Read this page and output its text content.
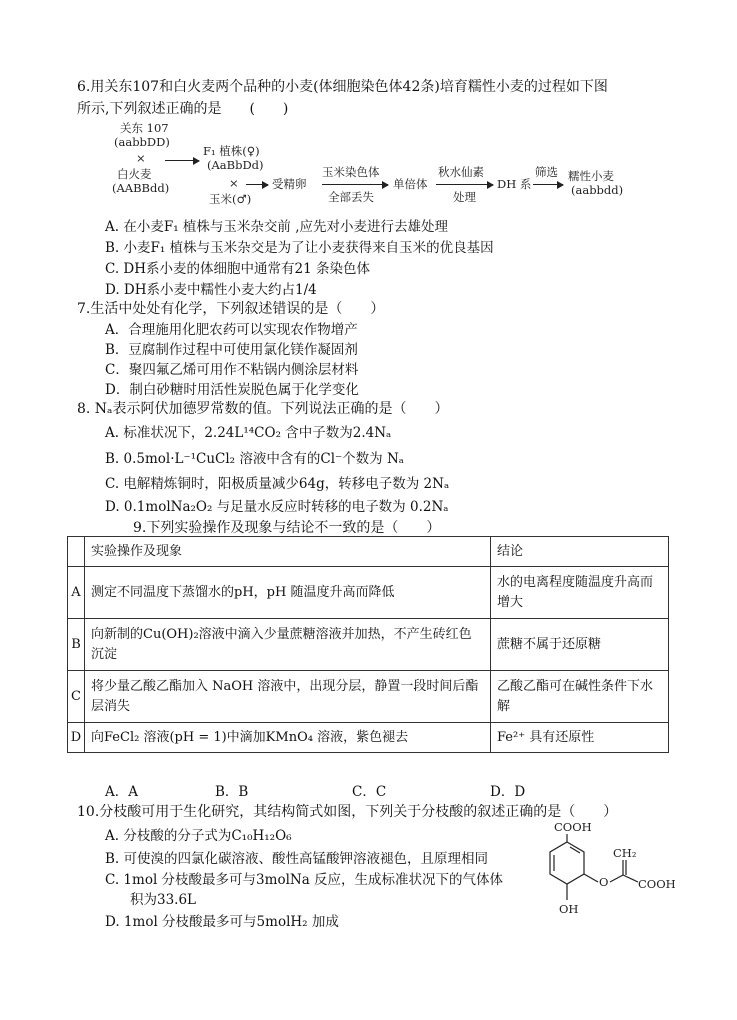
6.用关东107和白火麦两个品种的小麦(体细胞染色体42条)培育糯性小麦的过程如下图
所示,下列叙述正确的是　　(　　)
关东 107
(aabbDD)
×
白火麦
(AABBdd)
F₁ 植株(♀)
(AaBbDd)
×
玉米(♂)
受精卵
玉米染色体
全部丢失
单倍体
秋水仙素
处理
DH 系
筛选 糯性小麦
(aabbdd)
A. 在小麦F₁ 植株与玉米杂交前 ,应先对小麦进行去雄处理
B. 小麦F₁ 植株与玉米杂交是为了让小麦获得来自玉米的优良基因
C. DH系小麦的体细胞中通常有21 条染色体
D. DH系小麦中糯性小麦大约占1/4
7.生活中处处有化学，下列叙述错误的是（　　）
A．合理施用化肥农药可以实现农作物增产
B．豆腐制作过程中可使用氯化镁作凝固剂
C．聚四氟乙烯可用作不粘锅内侧涂层材料
D．制白砂糖时用活性炭脱色属于化学变化
8. Nₐ表示阿伏加德罗常数的值。下列说法正确的是（　　）
A. 标准状况下，2.24L¹⁴CO₂ 含中子数为2.4Nₐ
B. 0.5mol·L⁻¹CuCl₂ 溶液中含有的Cl⁻个数为 Nₐ
C. 电解精炼铜时，阳极质量减少64g，转移电子数为 2Nₐ
D. 0.1molNa₂O₂ 与足量水反应时转移的电子数为 0.2Nₐ
9.下列实验操作及现象与结论不一致的是（　　）
	实验操作及现象	结论
A	测定不同温度下蒸馏水的pH，pH 随温度升高而降低	水的电离程度随温度升高而增大
B	向新制的Cu(OH)₂溶液中滴入少量蔗糖溶液并加热，不产生砖红色沉淀	蔗糖不属于还原糖
C	将少量乙酸乙酯加入 NaOH 溶液中，出现分层，静置一段时间后酯层消失	乙酸乙酯可在碱性条件下水解
D	向FeCl₂ 溶液(pH = 1)中滴加KMnO₄ 溶液，紫色褪去	Fe²⁺ 具有还原性
A．A	B．B	C．C	D．D
10.分枝酸可用于生化研究，其结构简式如图，下列关于分枝酸的叙述正确的是（　　）
A. 分枝酸的分子式为C₁₀H₁₂O₆
B. 可使溴的四氯化碳溶液、酸性高锰酸钾溶液褪色，且原理相同
C. 1mol 分枝酸最多可与3molNa 反应，生成标准状况下的气体体
积为33.6L
D. 1mol 分枝酸最多可与5molH₂ 加成
COOH
CH₂
O	COOH
OH
